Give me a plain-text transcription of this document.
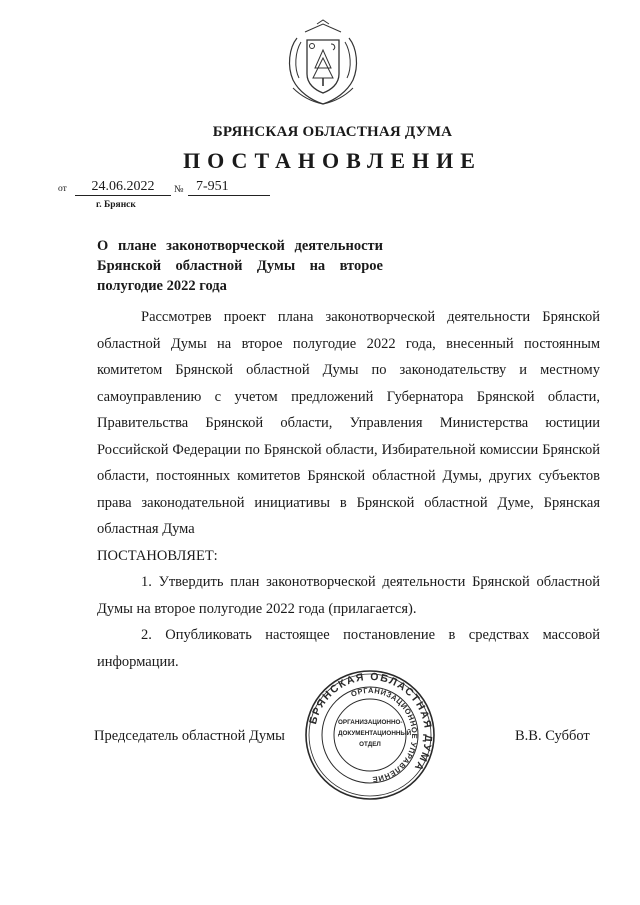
БРЯНСКАЯ ОБЛАСТНАЯ ДУМА
ПОСТАНОВЛЕНИЕ
от	24.06.2022	№ 7-951
г. Брянск
О плане законотворческой деятельности Брянской областной Думы на второе полугодие 2022 года

Рассмотрев проект плана законотворческой деятельности Брянской областной Думы на второе полугодие 2022 года, внесенный постоянным комитетом Брянской областной Думы по законодательству и местному самоуправлению с учетом предложений Губернатора Брянской области, Правительства Брянской области, Управления Министерства юстиции Российской Федерации по Брянской области, Избирательной комиссии Брянской области, постоянных комитетов Брянской областной Думы, других субъектов права законодательной инициативы в Брянской областной Думе, Брянская областная Дума

ПОСТАНОВЛЯЕТ:

1. Утвердить план законотворческой деятельности Брянской областной Думы на второе полугодие 2022 года (прилагается).

2. Опубликовать настоящее постановление в средствах массовой информации.

Председатель областной Думы	В.В. Суббот
БРЯНСКАЯ ОБЛАСТНАЯ ДУМА
ОРГАНИЗАЦИОННОЕ УПРАВЛЕНИЕ
ОРГАНИЗАЦИОННО-
ДОКУМЕНТАЦИОННЫЙ
ОТДЕЛ
